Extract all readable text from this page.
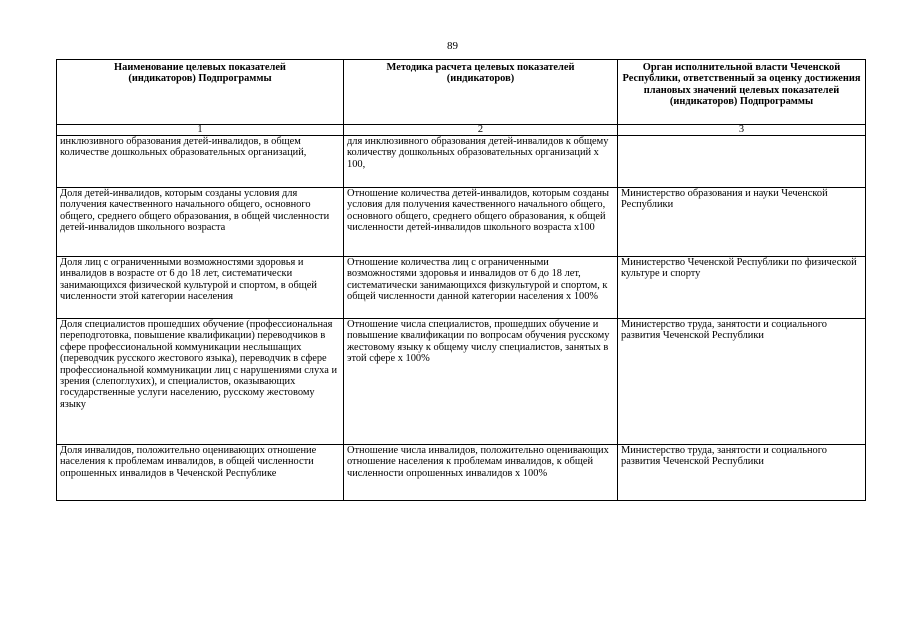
89
Наименование целевых показателей (индикаторов) Подпрограммы	Методика расчета целевых показателей (индикаторов)	Орган исполнительной власти Чеченской Республики, ответственный за оценку достижения плановых значений целевых показателей (индикаторов) Подпрограммы
1	2	3
инклюзивного образования детей-инвалидов, в общем количестве дошкольных образовательных организаций,	для инклюзивного образования детей-инвалидов к общему количеству дошкольных образовательных организаций х 100,	
Доля детей-инвалидов, которым созданы условия для получения качественного начального общего, основного общего, среднего общего образования, в общей численности детей-инвалидов школьного возраста	Отношение количества детей-инвалидов, которым созданы условия для получения качественного начального общего, основного общего, среднего общего образования, к общей численности детей-инвалидов школьного возраста х100	Министерство образования и науки Чеченской Республики
Доля лиц с ограниченными возможностями здоровья и инвалидов в возрасте от 6 до 18 лет, систематически занимающихся физической культурой и спортом, в общей численности этой категории населения	Отношение количества лиц с ограниченными возможностями здоровья и инвалидов от 6 до 18 лет, систематически занимающихся физкультурой и спортом, к общей численности данной категории населения х 100%	Министерство Чеченской Республики по физической культуре и спорту
Доля специалистов прошедших обучение (профессиональная переподготовка, повышение квалификации) переводчиков в сфере профессиональной коммуникации неслышащих (переводчик русского жестового языка), переводчик в сфере профессиональной коммуникации лиц с нарушениями слуха и зрения (слепоглухих), и специалистов, оказывающих государственные услуги населению, русскому жестовому языку	Отношение числа специалистов, прошедших обучение и повышение квалификации по вопросам обучения русскому жестовому языку к общему числу специалистов, занятых в этой сфере х 100%	Министерство труда, занятости и социального развития Чеченской Республики
Доля инвалидов, положительно оценивающих отношение населения к проблемам инвалидов, в общей численности опрошенных инвалидов в Чеченской Республике	Отношение числа инвалидов, положительно оценивающих отношение населения к проблемам инвалидов, к общей численности опрошенных инвалидов х 100%	Министерство труда, занятости и социального развития Чеченской Республики
